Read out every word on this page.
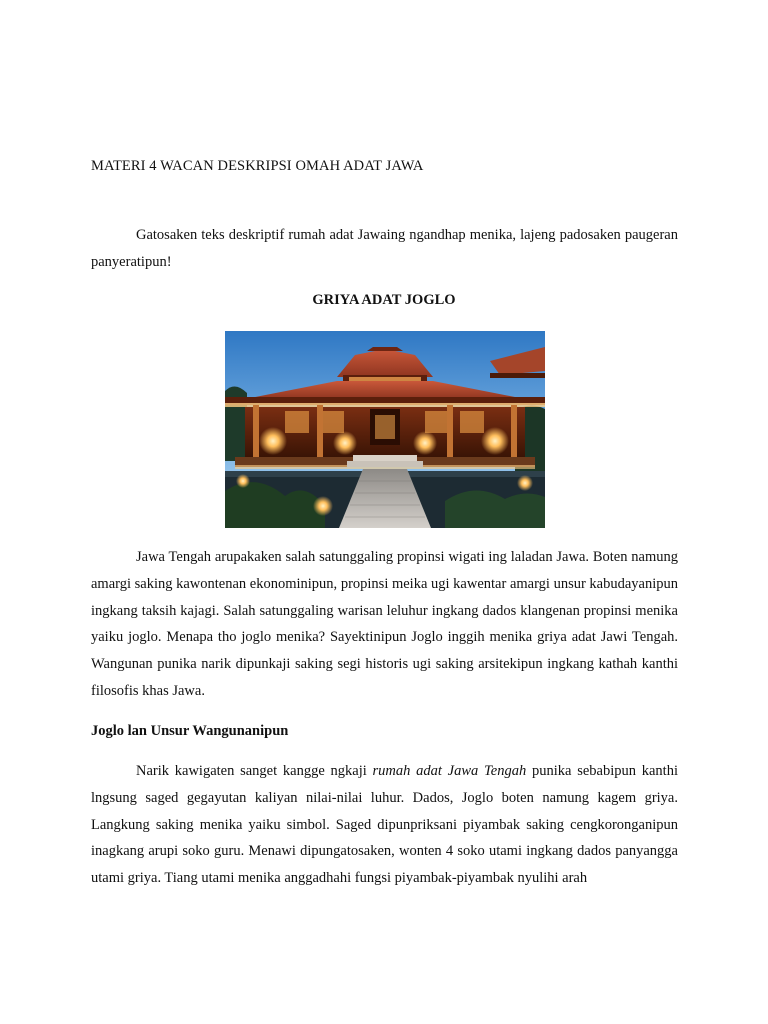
MATERI 4 WACAN DESKRIPSI OMAH ADAT JAWA
Gatosaken teks deskriptif rumah adat Jawaing ngandhap menika, lajeng padosaken paugeran panyeratipun!
GRIYA ADAT JOGLO
Jawa Tengah arupakaken salah satunggaling propinsi wigati ing laladan Jawa. Boten namung amargi saking kawontenan ekonominipun, propinsi meika ugi kawentar amargi unsur kabudayanipun ingkang taksih kajagi. Salah satunggaling warisan leluhur ingkang dados klangenan propinsi menika yaiku joglo. Menapa tho joglo menika? Sayektinipun Joglo inggih menika griya adat Jawi Tengah. Wangunan punika narik dipunkaji saking segi historis ugi saking arsitekipun ingkang kathah kanthi filosofis khas Jawa.
Joglo lan Unsur Wangunanipun
Narik kawigaten sanget kangge ngkaji rumah adat Jawa Tengah punika sebabipun kanthi lngsung saged gegayutan kaliyan nilai-nilai luhur. Dados, Joglo boten namung kagem griya. Langkung saking menika yaiku simbol. Saged dipunpriksani piyambak saking cengkoronganipun inagkang arupi soko guru. Menawi dipungatosaken, wonten 4 soko utami ingkang dados panyangga utami griya. Tiang utami menika anggadhahi fungsi piyambak-piyambak nyulihi arah
